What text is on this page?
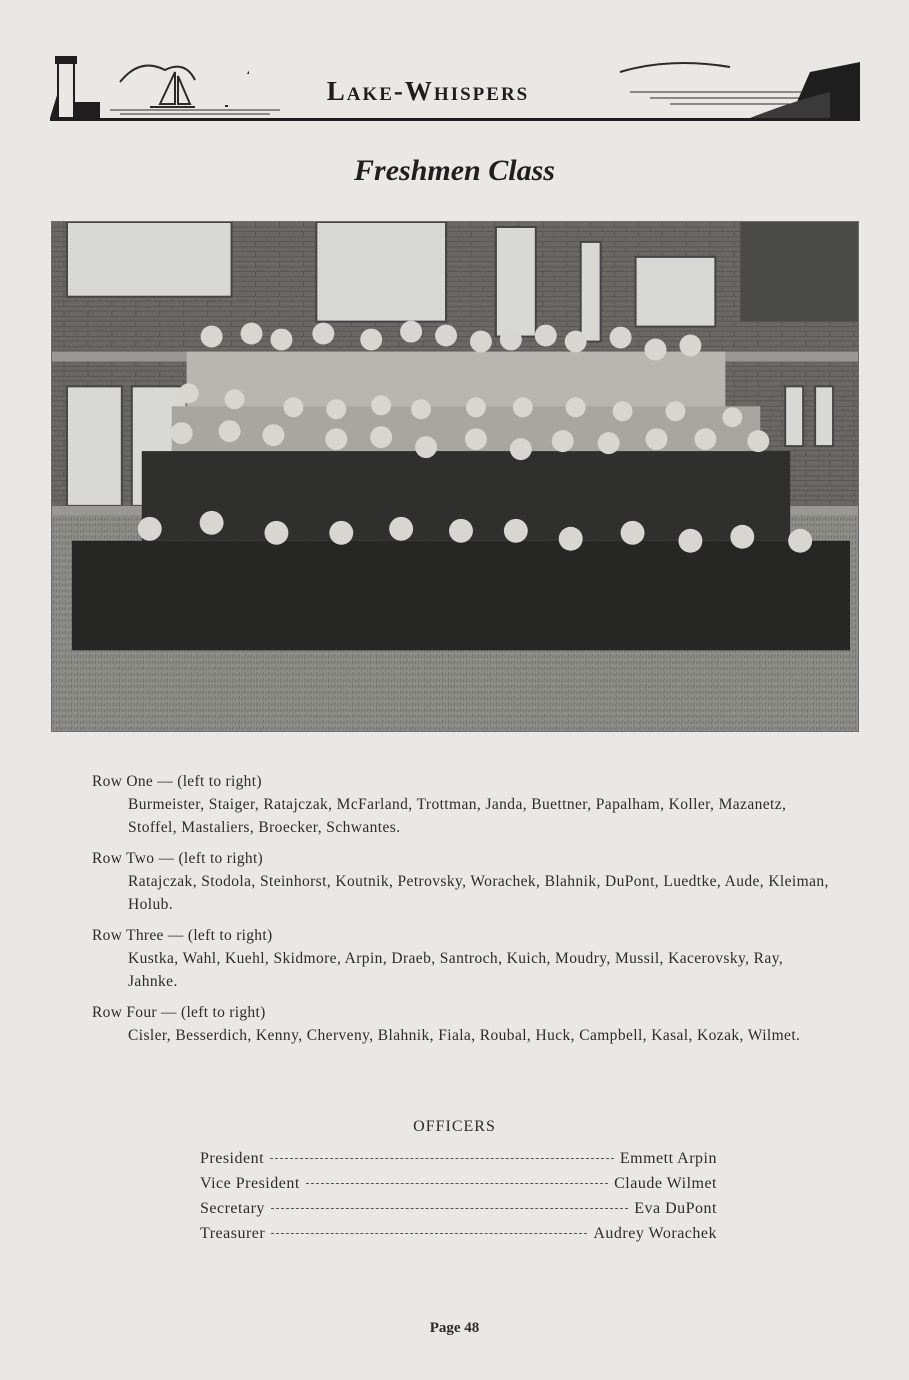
Lake-Whispers
Freshmen Class
Row One — (left to right)
Burmeister, Staiger, Ratajczak, McFarland, Trottman, Janda, Buettner, Papalham, Koller, Mazanetz, Stoffel, Mastaliers, Broecker, Schwantes.
Row Two — (left to right)
Ratajczak, Stodola, Steinhorst, Koutnik, Petrovsky, Worachek, Blahnik, DuPont, Luedtke, Aude, Kleiman, Holub.
Row Three — (left to right)
Kustka, Wahl, Kuehl, Skidmore, Arpin, Draeb, Santroch, Kuich, Moudry, Mussil, Kacerovsky, Ray, Jahnke.
Row Four — (left to right)
Cisler, Besserdich, Kenny, Cherveny, Blahnik, Fiala, Roubal, Huck, Campbell, Kasal, Kozak, Wilmet.
OFFICERS
President	Emmett Arpin
Vice President	Claude Wilmet
Secretary	Eva DuPont
Treasurer	Audrey Worachek
Page 48
